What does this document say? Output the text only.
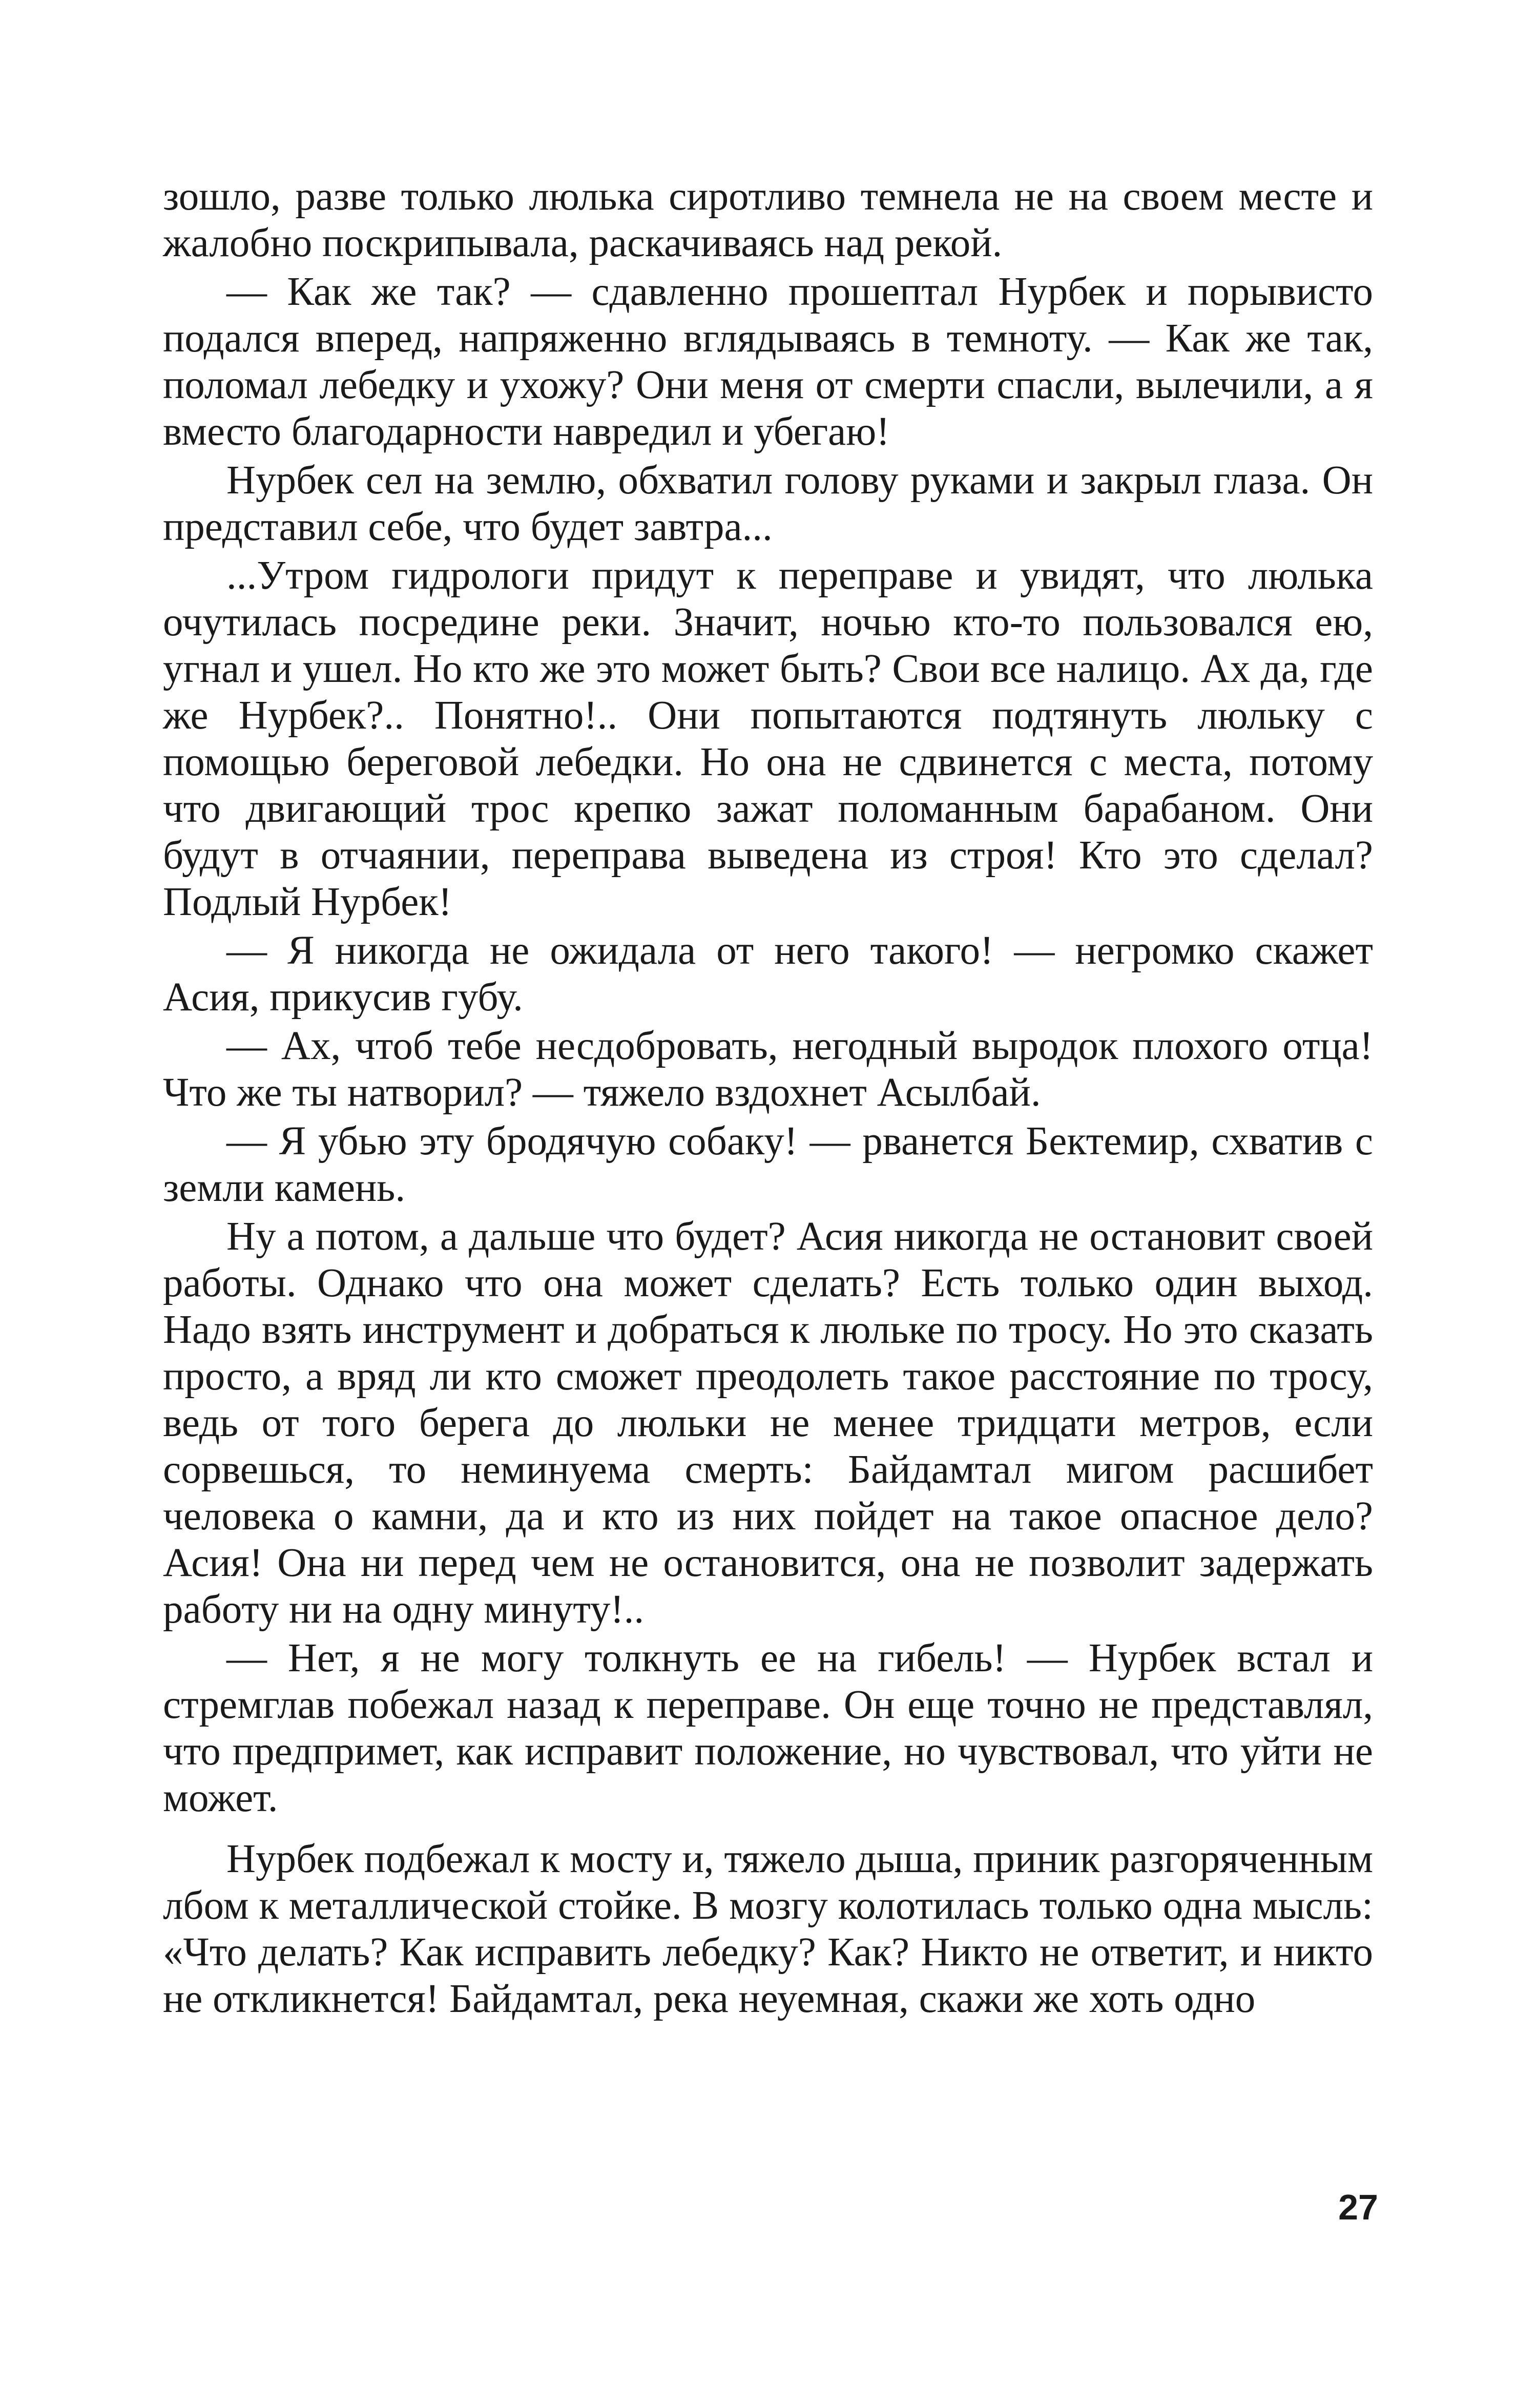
зошло, разве только люлька сиротливо темнела не на своем месте и жалобно поскрипывала, раскачиваясь над рекой.

— Как же так? — сдавленно прошептал Нурбек и порывисто подался вперед, напряженно вглядываясь в темноту. — Как же так, поломал лебедку и ухожу? Они меня от смерти спасли, вылечили, а я вместо благодарности навредил и убегаю!

Нурбек сел на землю, обхватил голову руками и закрыл глаза. Он представил себе, что будет завтра...

...Утром гидрологи придут к переправе и увидят, что люлька очутилась посредине реки. Значит, ночью кто-то пользовался ею, угнал и ушел. Но кто же это может быть? Свои все налицо. Ах да, где же Нурбек?.. Понятно!.. Они попытаются подтянуть люльку с помощью береговой лебедки. Но она не сдвинется с места, потому что двигающий трос крепко зажат поломанным барабаном. Они будут в отчаянии, переправа выведена из строя! Кто это сделал? Подлый Нурбек!

— Я никогда не ожидала от него такого! — негромко скажет Асия, прикусив губу.

— Ах, чтоб тебе несдобровать, негодный выродок плохого отца! Что же ты натворил? — тяжело вздохнет Асылбай.

— Я убью эту бродячую собаку! — рванется Бектемир, схватив с земли камень.

Ну а потом, а дальше что будет? Асия никогда не остановит своей работы. Однако что она может сделать? Есть только один выход. Надо взять инструмент и добраться к люльке по тросу. Но это сказать просто, а вряд ли кто сможет преодолеть такое расстояние по тросу, ведь от того берега до люльки не менее тридцати метров, если сорвешься, то неминуема смерть: Байдамтал мигом расшибет человека о камни, да и кто из них пойдет на такое опасное дело? Асия! Она ни перед чем не остановится, она не позволит задержать работу ни на одну минуту!..

— Нет, я не могу толкнуть ее на гибель! — Нурбек встал и стремглав побежал назад к переправе. Он еще точно не представлял, что предпримет, как исправит положение, но чувствовал, что уйти не может.

Нурбек подбежал к мосту и, тяжело дыша, приник разгоряченным лбом к металлической стойке. В мозгу колотилась только одна мысль: «Что делать? Как исправить лебедку? Как? Никто не ответит, и никто не откликнется! Байдамтал, река неуемная, скажи же хоть одно

27
